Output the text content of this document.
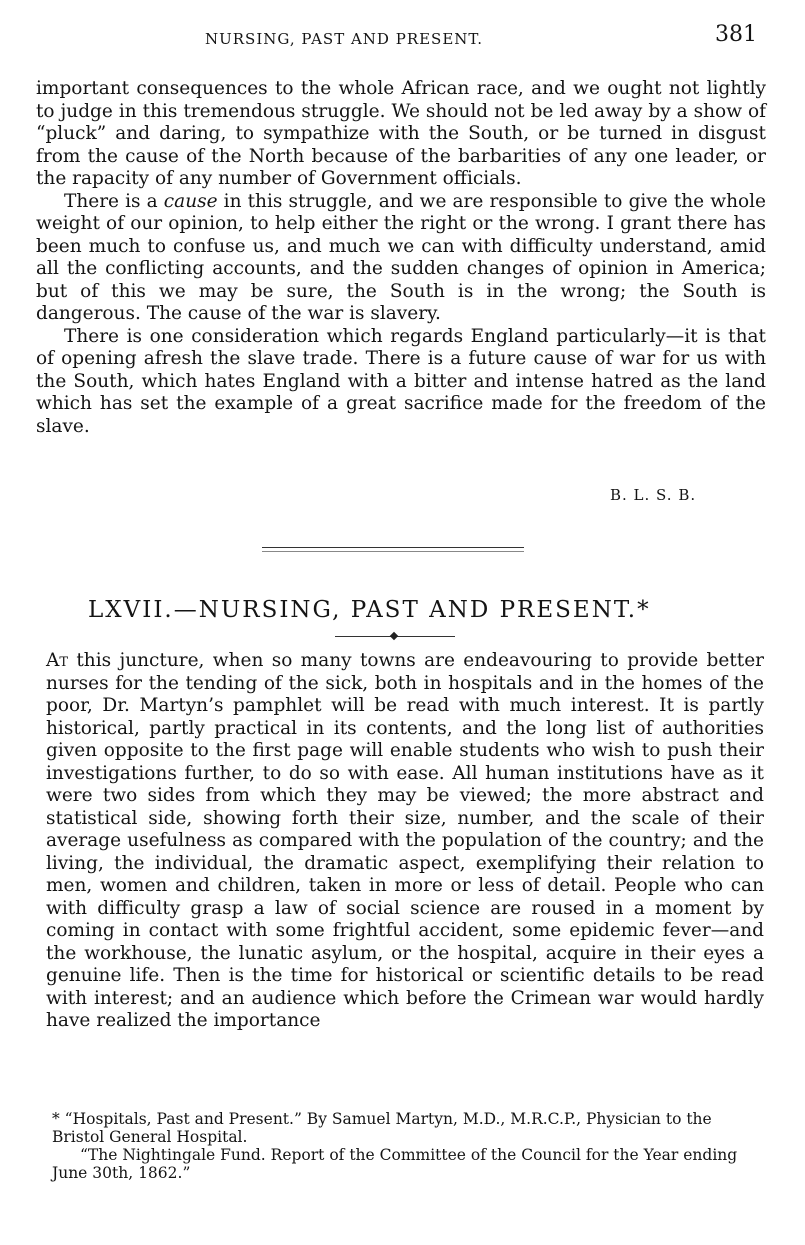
NURSING, PAST AND PRESENT.	381

important consequences to the whole African race, and we ought not lightly to judge in this tremendous struggle. We should not be led away by a show of “pluck” and daring, to sympathize with the South, or be turned in disgust from the cause of the North because of the barbarities of any one leader, or the rapacity of any number of Government officials.

There is a cause in this struggle, and we are responsible to give the whole weight of our opinion, to help either the right or the wrong. I grant there has been much to confuse us, and much we can with difficulty understand, amid all the conflicting accounts, and the sudden changes of opinion in America; but of this we may be sure, the South is in the wrong; the South is dangerous. The cause of the war is slavery.

There is one consideration which regards England particularly—it is that of opening afresh the slave trade. There is a future cause of war for us with the South, which hates England with a bitter and intense hatred as the land which has set the example of a great sacrifice made for the freedom of the slave.

B. L. S. B.
LXVII.—NURSING, PAST AND PRESENT.*

At this juncture, when so many towns are endeavouring to provide better nurses for the tending of the sick, both in hospitals and in the homes of the poor, Dr. Martyn’s pamphlet will be read with much interest. It is partly historical, partly practical in its contents, and the long list of authorities given opposite to the first page will enable students who wish to push their investigations further, to do so with ease. All human institutions have as it were two sides from which they may be viewed; the more abstract and statistical side, showing forth their size, number, and the scale of their average usefulness as compared with the population of the country; and the living, the individual, the dramatic aspect, exemplifying their relation to men, women and children, taken in more or less of detail. People who can with difficulty grasp a law of social science are roused in a moment by coming in contact with some frightful accident, some epidemic fever—and the workhouse, the lunatic asylum, or the hospital, acquire in their eyes a genuine life. Then is the time for historical or scientific details to be read with interest; and an audience which before the Crimean war would hardly have realized the importance

* “Hospitals, Past and Present.” By Samuel Martyn, M.D., M.R.C.P., Physician to the Bristol General Hospital.

“The Nightingale Fund. Report of the Committee of the Council for the Year ending June 30th, 1862.”
